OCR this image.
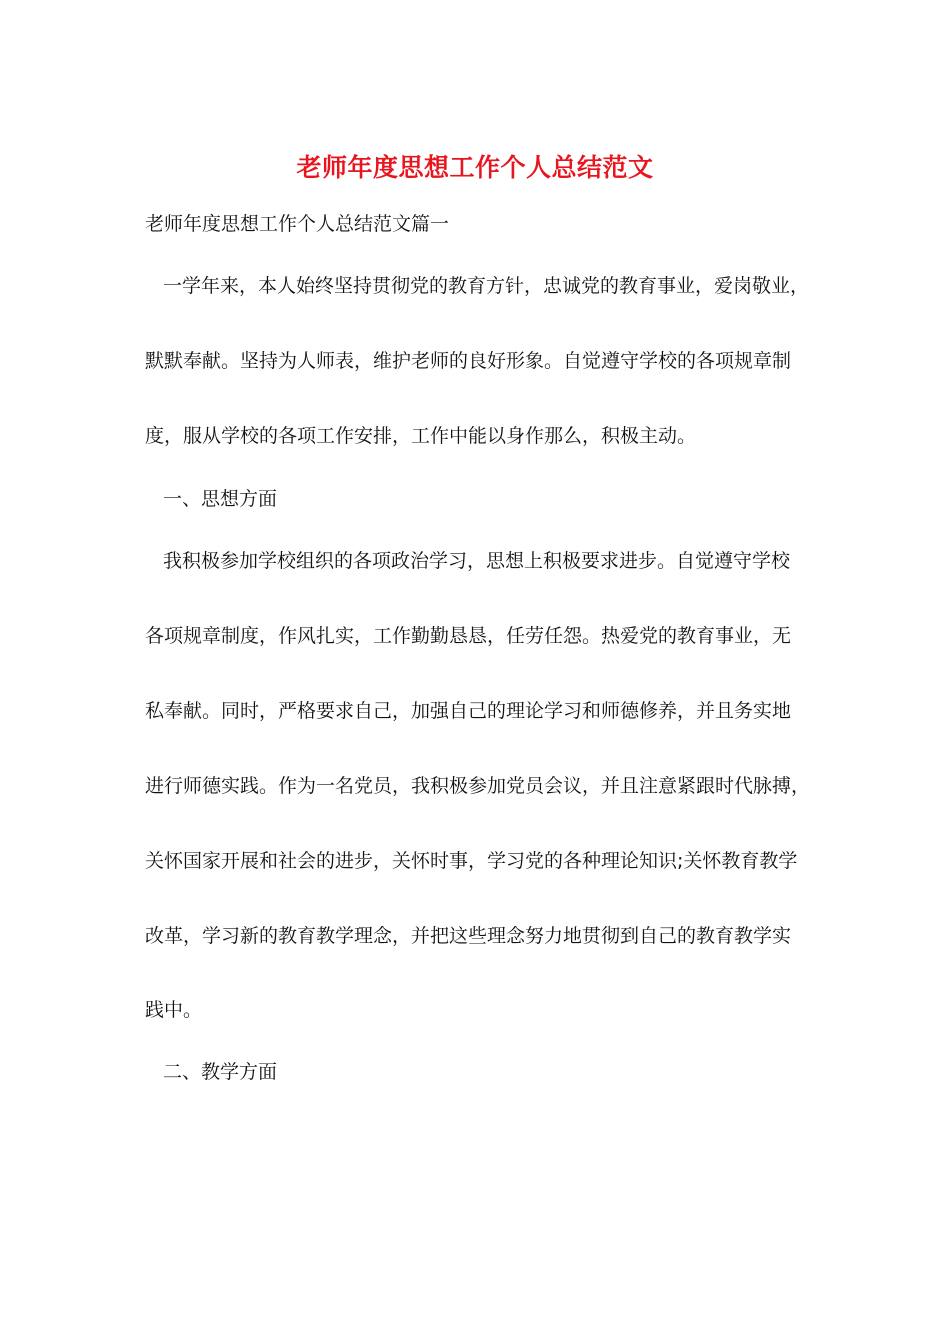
老师年度思想工作个人总结范文
老师年度思想工作个人总结范文篇一
一学年来，本人始终坚持贯彻党的教育方针，忠诚党的教育事业，爱岗敬业，
默默奉献。坚持为人师表，维护老师的良好形象。自觉遵守学校的各项规章制
度，服从学校的各项工作安排，工作中能以身作那么，积极主动。
一、思想方面
我积极参加学校组织的各项政治学习，思想上积极要求进步。自觉遵守学校
各项规章制度，作风扎实，工作勤勤恳恳，任劳任怨。热爱党的教育事业，无
私奉献。同时，严格要求自己，加强自己的理论学习和师德修养，并且务实地
进行师德实践。作为一名党员，我积极参加党员会议，并且注意紧跟时代脉搏，
关怀国家开展和社会的进步，关怀时事，学习党的各种理论知识;关怀教育教学
改革，学习新的教育教学理念，并把这些理念努力地贯彻到自己的教育教学实
践中。
二、教学方面
